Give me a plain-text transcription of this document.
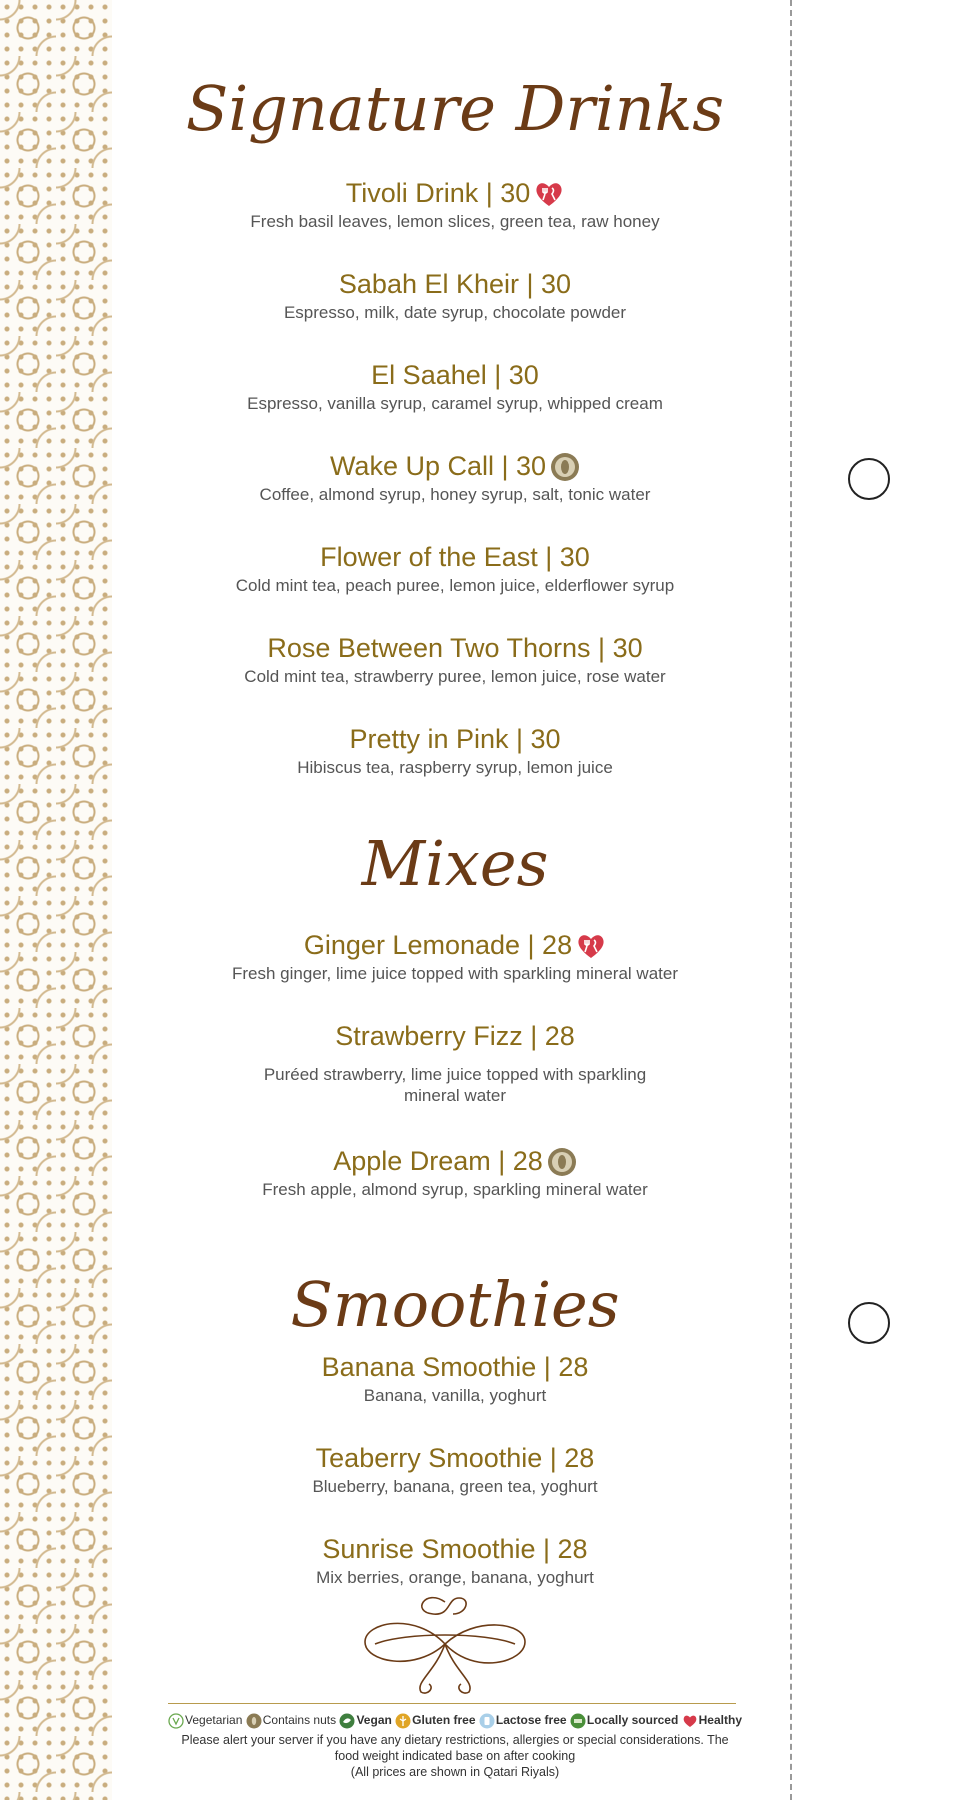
Signature Drinks
Tivoli Drink | 30
Fresh basil leaves, lemon slices, green tea, raw honey
Sabah El Kheir | 30
Espresso, milk, date syrup, chocolate powder
El Saahel | 30
Espresso, vanilla syrup, caramel syrup, whipped cream
Wake Up Call | 30
Coffee, almond syrup, honey syrup, salt, tonic water
Flower of the East | 30
Cold mint tea, peach puree, lemon juice, elderflower syrup
Rose Between Two Thorns | 30
Cold mint tea, strawberry puree, lemon juice, rose water
Pretty in Pink | 30
Hibiscus tea, raspberry syrup, lemon juice
Mixes
Ginger Lemonade | 28
Fresh ginger, lime juice topped with sparkling mineral water
Strawberry Fizz | 28
Puréed strawberry, lime juice topped with sparkling mineral water
Apple Dream | 28
Fresh apple, almond syrup, sparkling mineral water
Smoothies
Banana Smoothie | 28
Banana, vanilla, yoghurt
Teaberry Smoothie | 28
Blueberry, banana, green tea, yoghurt
Sunrise Smoothie | 28
Mix berries, orange, banana, yoghurt
Vegetarian Contains nuts Vegan Gluten free Lactose free Locally sourced Healthy
Please alert your server if you have any dietary restrictions, allergies or special considerations. The
food weight indicated base on after cooking
(All prices are shown in Qatari Riyals)
